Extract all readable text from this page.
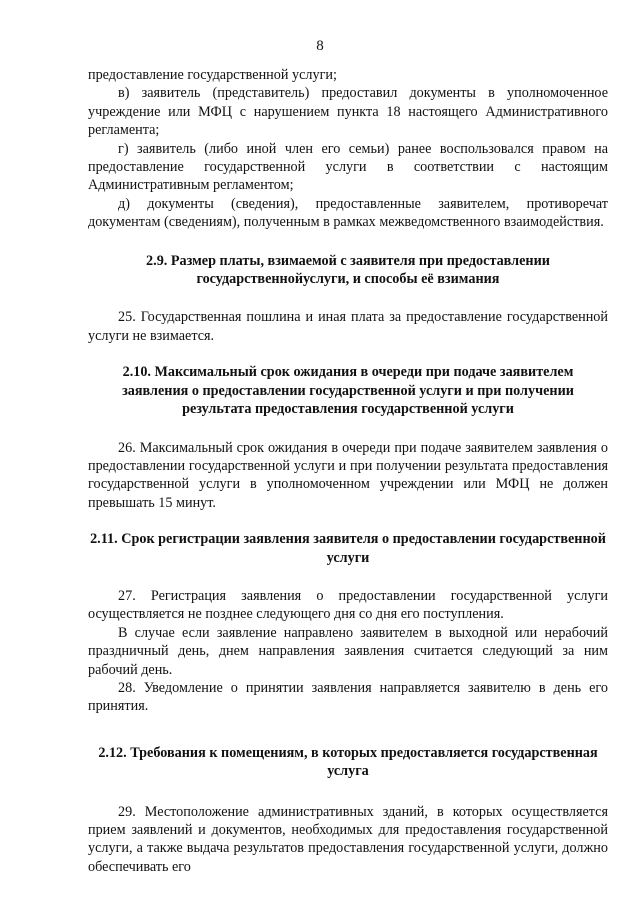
8

предоставление государственной услуги;

в) заявитель (представитель) предоставил документы в уполномоченное учреждение или МФЦ с нарушением пункта 18 настоящего Административного регламента;

г) заявитель (либо иной член его семьи) ранее воспользовался правом на предоставление государственной услуги в соответствии с настоящим Административным регламентом;

д) документы (сведения), предоставленные заявителем, противоречат документам (сведениям), полученным в рамках межведомственного взаимодействия.

2.9. Размер платы, взимаемой с заявителя при предоставлении государственнойуслуги, и способы её взимания

25. Государственная пошлина и иная плата за предоставление государственной услуги не взимается.

2.10. Максимальный срок ожидания в очереди при подаче заявителем заявления о предоставлении государственной услуги и при получении результата предоставления государственной услуги

26. Максимальный срок ожидания в очереди при подаче заявителем заявления о предоставлении государственной услуги и при получении результата предоставления государственной услуги в уполномоченном учреждении или МФЦ не должен превышать 15 минут.

2.11. Срок регистрации заявления заявителя о предоставлении государственной услуги

27. Регистрация заявления о предоставлении государственной услуги осуществляется не позднее следующего дня со дня его поступления.

В случае если заявление направлено заявителем в выходной или нерабочий праздничный день, днем направления заявления считается следующий за ним рабочий день.

28. Уведомление о принятии заявления направляется заявителю в день его принятия.

2.12. Требования к помещениям, в которых предоставляется государственная услуга

29. Местоположение административных зданий, в которых осуществляется прием заявлений и документов, необходимых для предоставления государственной услуги, а также выдача результатов предоставления государственной услуги, должно обеспечивать его
